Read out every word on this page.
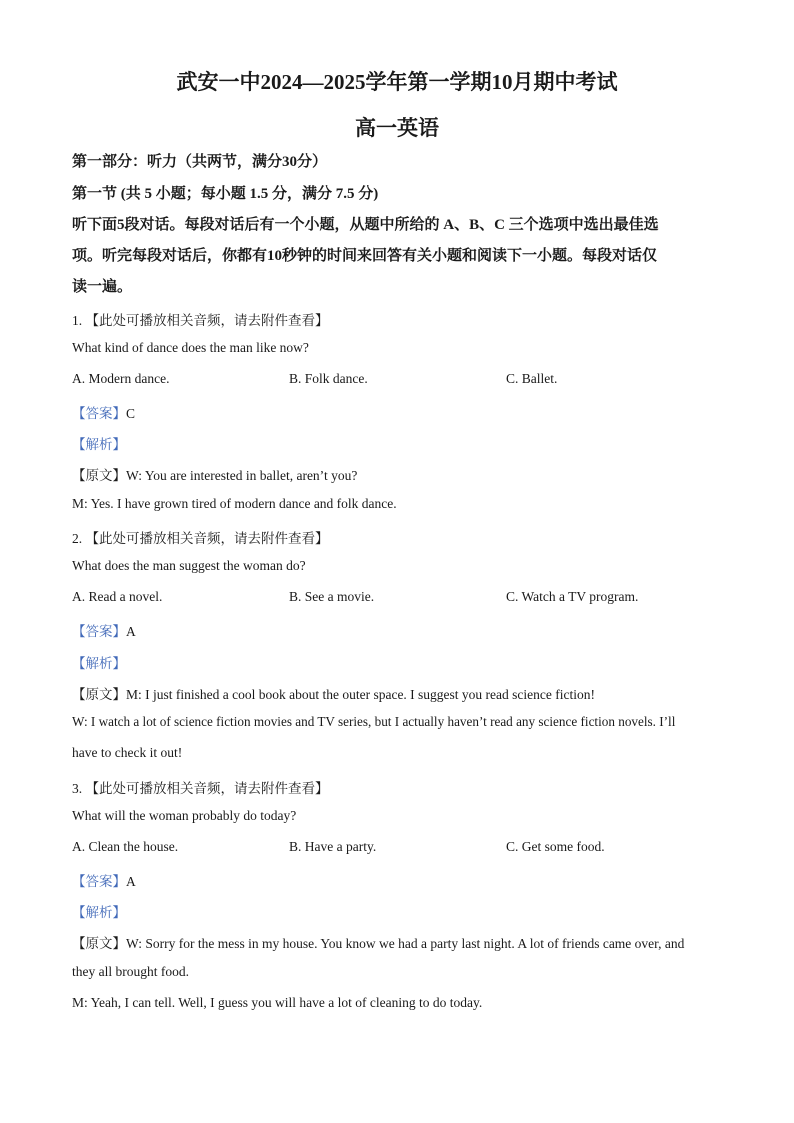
武安一中2024—2025学年第一学期10月期中考试
高一英语
第一部分：听力（共两节，满分30分）
第一节 (共 5 小题；每小题 1.5 分，满分 7.5 分)
听下面5段对话。每段对话后有一个小题，从题中所给的 A、B、C 三个选项中选出最佳选
项。听完每段对话后，你都有10秒钟的时间来回答有关小题和阅读下一小题。每段对话仅
读一遍。
1. 【此处可播放相关音频，请去附件查看】
What kind of dance does the man like now?
A. Modern dance.	B. Folk dance.	C. Ballet.
【答案】C
【解析】
【原文】W: You are interested in ballet, aren’t you?
M: Yes. I have grown tired of modern dance and folk dance.
2. 【此处可播放相关音频，请去附件查看】
What does the man suggest the woman do?
A. Read a novel.	B. See a movie.	C. Watch a TV program.
【答案】A
【解析】
【原文】M: I just finished a cool book about the outer space. I suggest you read science fiction!
W: I watch a lot of science fiction movies and TV series, but I actually haven’t read any science fiction novels. I’ll
have to check it out!
3. 【此处可播放相关音频，请去附件查看】
What will the woman probably do today?
A. Clean the house.	B. Have a party.	C. Get some food.
【答案】A
【解析】
【原文】W: Sorry for the mess in my house. You know we had a party last night. A lot of friends came over, and
they all brought food.
M: Yeah, I can tell. Well, I guess you will have a lot of cleaning to do today.
